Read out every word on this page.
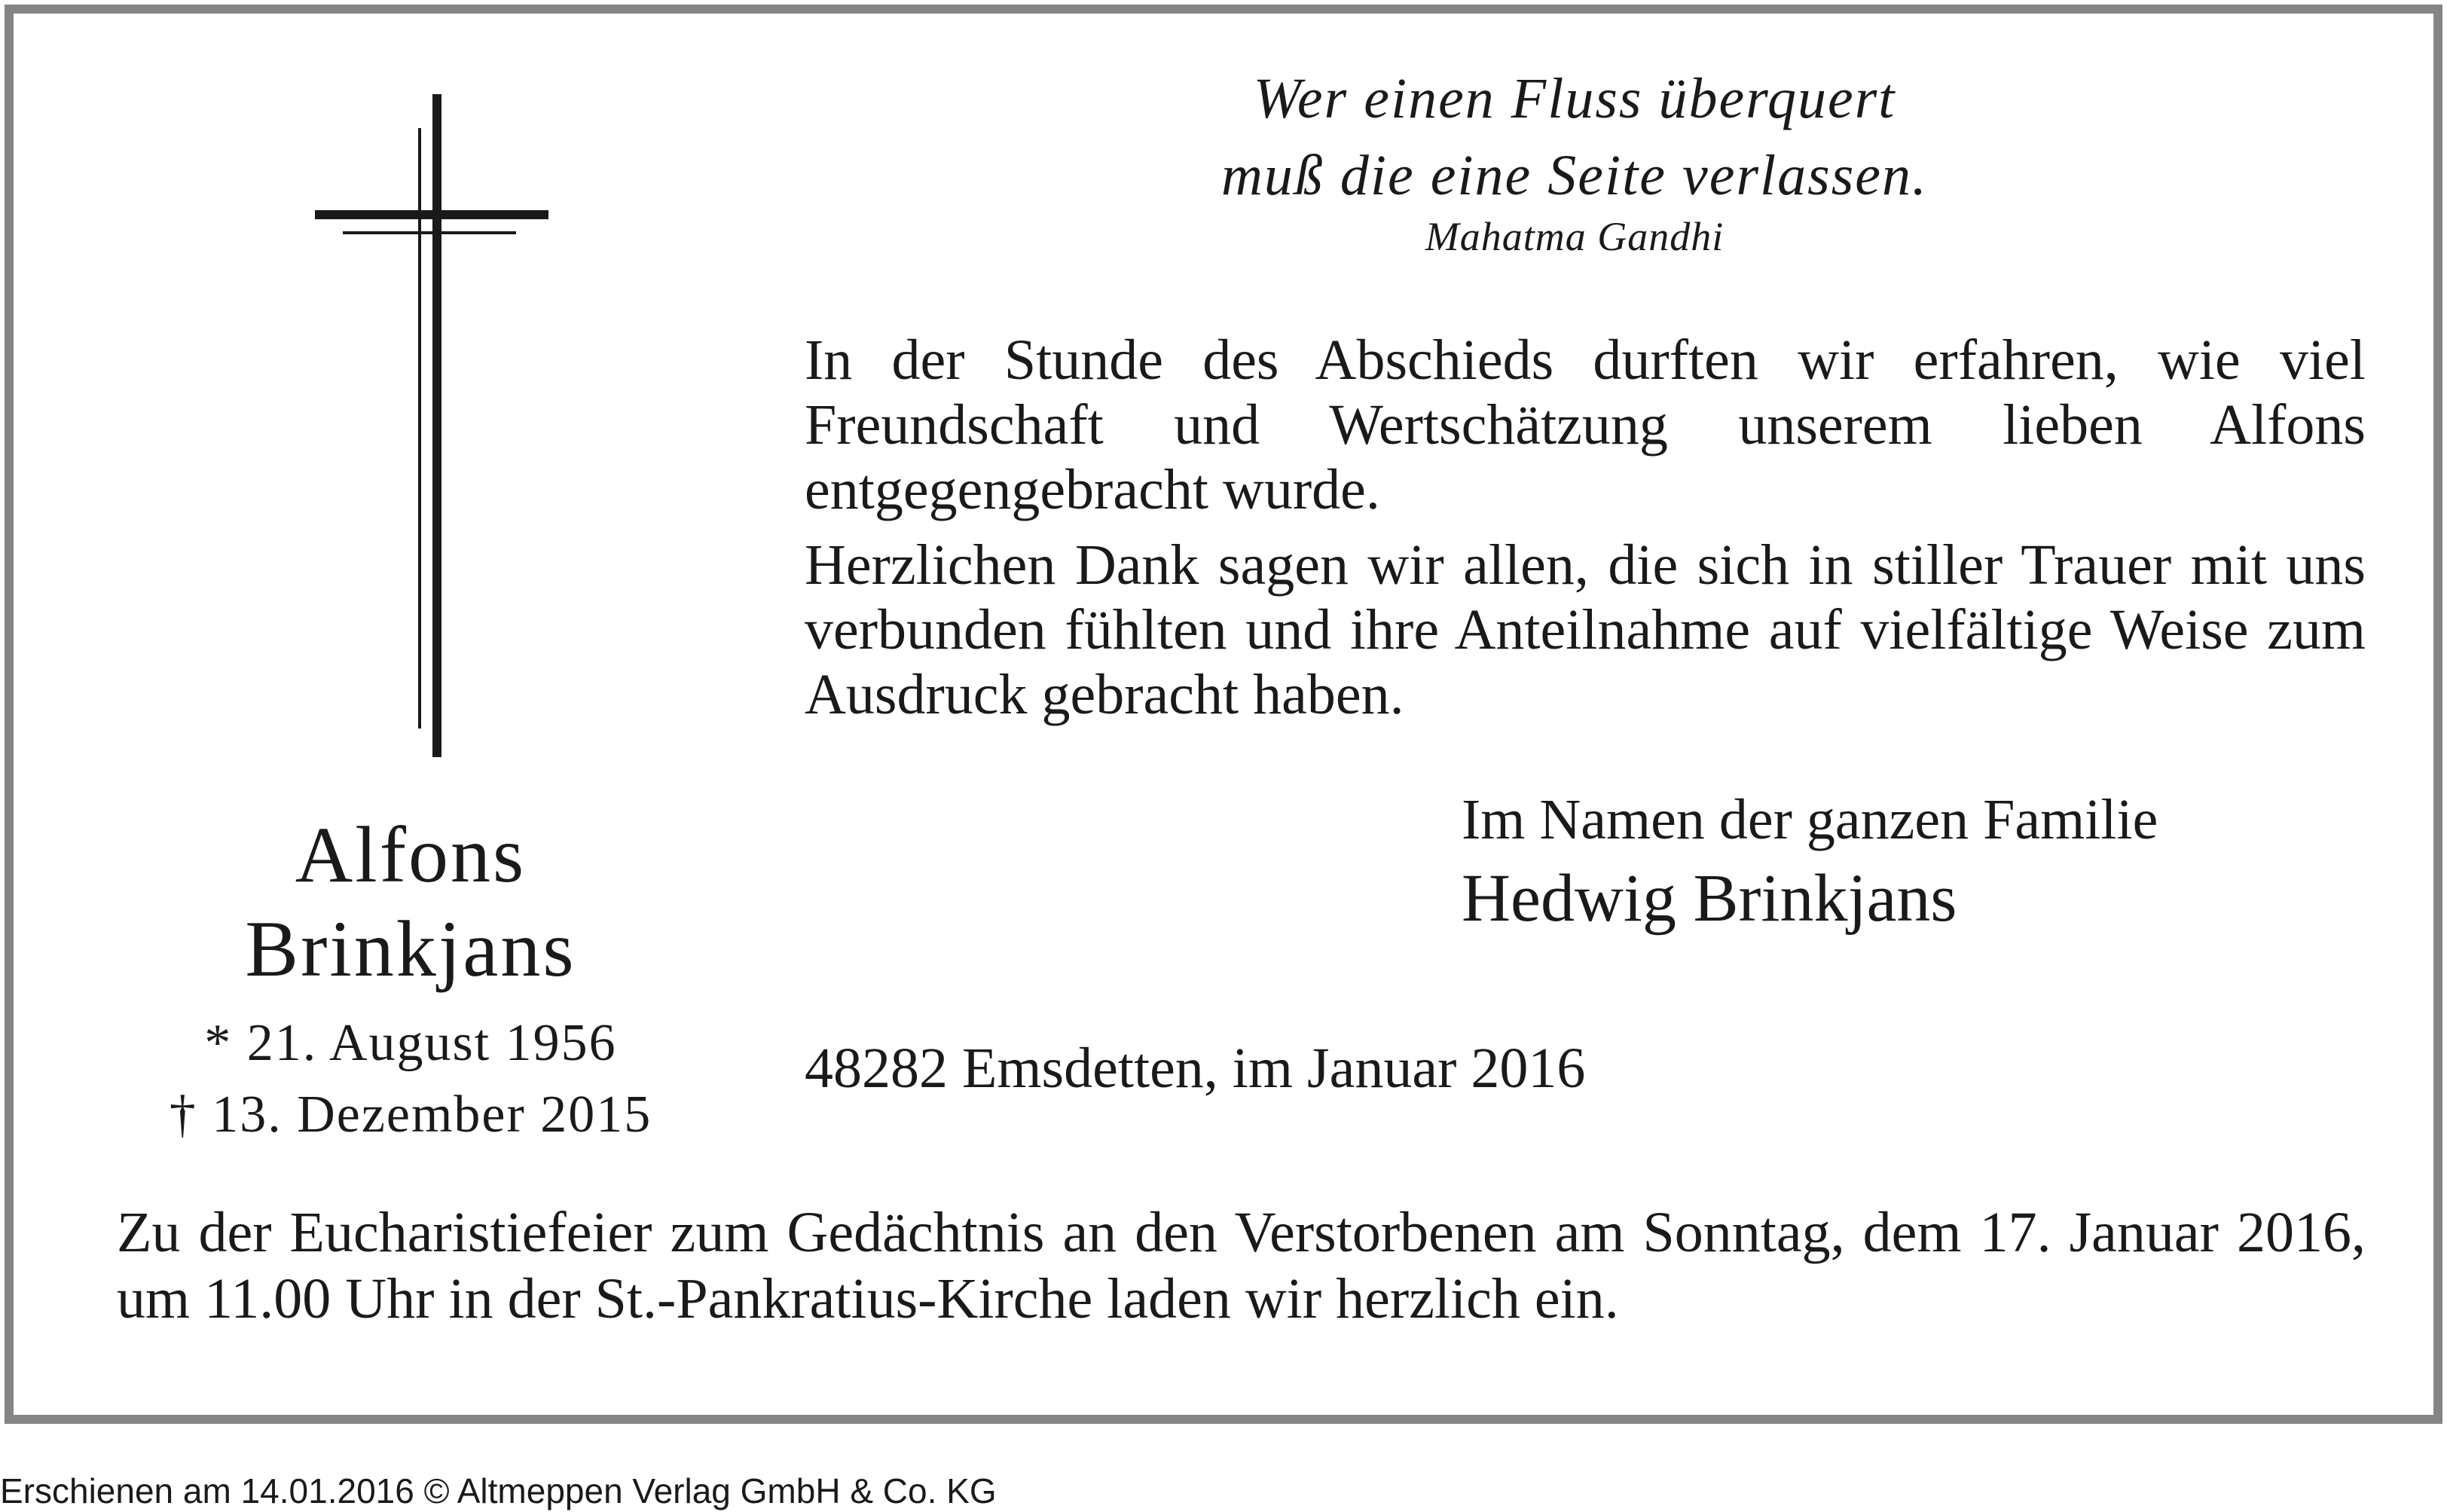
Wer einen Fluss überquert
muß die eine Seite verlassen.
Mahatma Gandhi
In der Stunde des Abschieds durften wir erfahren, wie viel Freundschaft und Wertschätzung unserem lieben Alfons entgegengebracht wurde.
Herzlichen Dank sagen wir allen, die sich in stiller Trauer mit uns verbunden fühlten und ihre Anteilnahme auf vielfältige Weise zum Ausdruck gebracht haben.
Im Namen der ganzen Familie
Hedwig Brinkjans
48282 Emsdetten, im Januar 2016
Alfons
Brinkjans
* 21. August 1956
† 13. Dezember 2015
Zu der Eucharistiefeier zum Gedächtnis an den Verstorbenen am Sonntag, dem 17. Januar 2016, um 11.00 Uhr in der St.-Pankratius-Kirche laden wir herzlich ein.
Erschienen am 14.01.2016 © Altmeppen Verlag GmbH & Co. KG
